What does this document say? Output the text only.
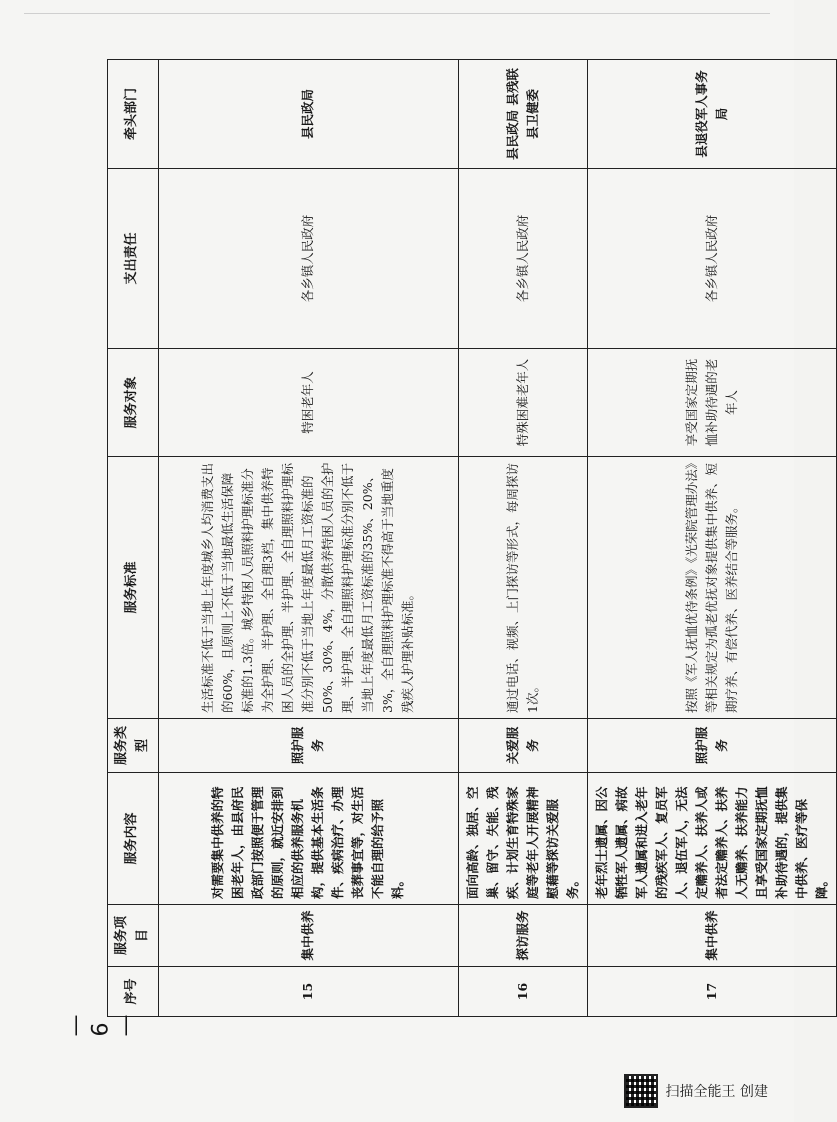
序号	服务项目	服务内容	服务类型	服务标准	服务对象	支出责任	牵头部门
15	集中供养	对需要集中供养的特困老年人，由县府民政部门按照便于管理的原则，就近安排到相应的供养服务机构，提供基本生活条件、疾病治疗、办理丧葬事宜等，对生活不能自理的给予照料。	照护服务	生活标准不低于当地上年度城乡人均消费支出的60%，且原则上不低于当地最低生活保障标准的1.3倍。城乡特困人员照料护理标准分为全护理、半护理、全自理3档，集中供养特困人员的全护理、半护理、全自理照料护理标准分别不低于当地上年度最低月工资标准的50%、30%、4%，分散供养特困人员的全护理、半护理、全自理照料护理标准分别不低于当地上年度最低月工资标准的35%、20%、3%，全自理照料护理标准不得高于当地重度残疾人护理补贴标准。	特困老年人	各乡镇人民政府	县民政局
16	探访服务	面向高龄、独居、空巢、留守、失能、残疾、计划生育特殊家庭等老年人开展精神慰藉等探访关爱服务。	关爱服务	通过电话、视频、上门探访等形式，每周探访1次。	特殊困难老年人	各乡镇人民政府	县民政局 县残联 县卫健委
17	集中供养	老年烈士遗属、因公牺牲军人遗属、病故军人遗属和进入老年的残疾军人、复员军人、退伍军人，无法定赡养人、扶养人或者法定赡养人、扶养人无赡养、扶养能力且享受国家定期抚恤补助待遇的，提供集中供养、医疗等保障。	照护服务	按照《军人抚恤优待条例》《光荣院管理办法》等相关规定为孤老优抚对象提供集中供养、短期疗养、有偿代养、医养结合等服务。	享受国家定期抚恤补助待遇的老年人	各乡镇人民政府	县退役军人事务局
—6—
扫描全能王 创建
